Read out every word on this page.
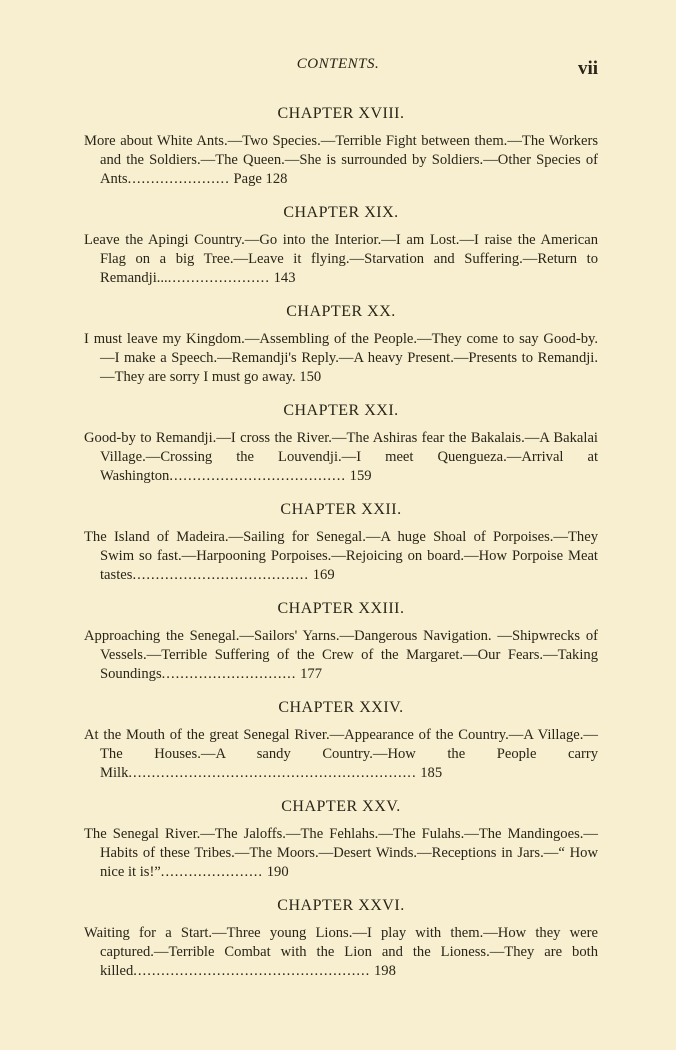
CONTENTS.	vii
CHAPTER XVIII.
More about White Ants.—Two Species.—Terrible Fight between them.—The Workers and the Soldiers.—The Queen.—She is surrounded by Soldiers.—Other Species of Ants...................... Page 128
CHAPTER XIX.
Leave the Apingi Country.—Go into the Interior.—I am Lost.—I raise the American Flag on a big Tree.—Leave it flying.—Starvation and Suffering.—Return to Remandji......................... 143
CHAPTER XX.
I must leave my Kingdom.—Assembling of the People.—They come to say Good-by.—I make a Speech.—Remandji's Reply.—A heavy Present.—Presents to Remandji.—They are sorry I must go away. 150
CHAPTER XXI.
Good-by to Remandji.—I cross the River.—The Ashiras fear the Bakalais.—A Bakalai Village.—Crossing the Louvendji.—I meet Quengueza.—Arrival at Washington...................................... 159
CHAPTER XXII.
The Island of Madeira.—Sailing for Senegal.—A huge Shoal of Porpoises.—They Swim so fast.—Harpooning Porpoises.—Rejoicing on board.—How Porpoise Meat tastes...................................... 169
CHAPTER XXIII.
Approaching the Senegal.—Sailors' Yarns.—Dangerous Navigation. —Shipwrecks of Vessels.—Terrible Suffering of the Crew of the Margaret.—Our Fears.—Taking Soundings............................. 177
CHAPTER XXIV.
At the Mouth of the great Senegal River.—Appearance of the Country.—A Village.—The Houses.—A sandy Country.—How the People carry Milk.............................................................. 185
CHAPTER XXV.
The Senegal River.—The Jaloffs.—The Fehlahs.—The Fulahs.—The Mandingoes.—Habits of these Tribes.—The Moors.—Desert Winds.—Receptions in Jars.—“ How nice it is!”...................... 190
CHAPTER XXVI.
Waiting for a Start.—Three young Lions.—I play with them.—How they were captured.—Terrible Combat with the Lion and the Lioness.—They are both killed................................................... 198
